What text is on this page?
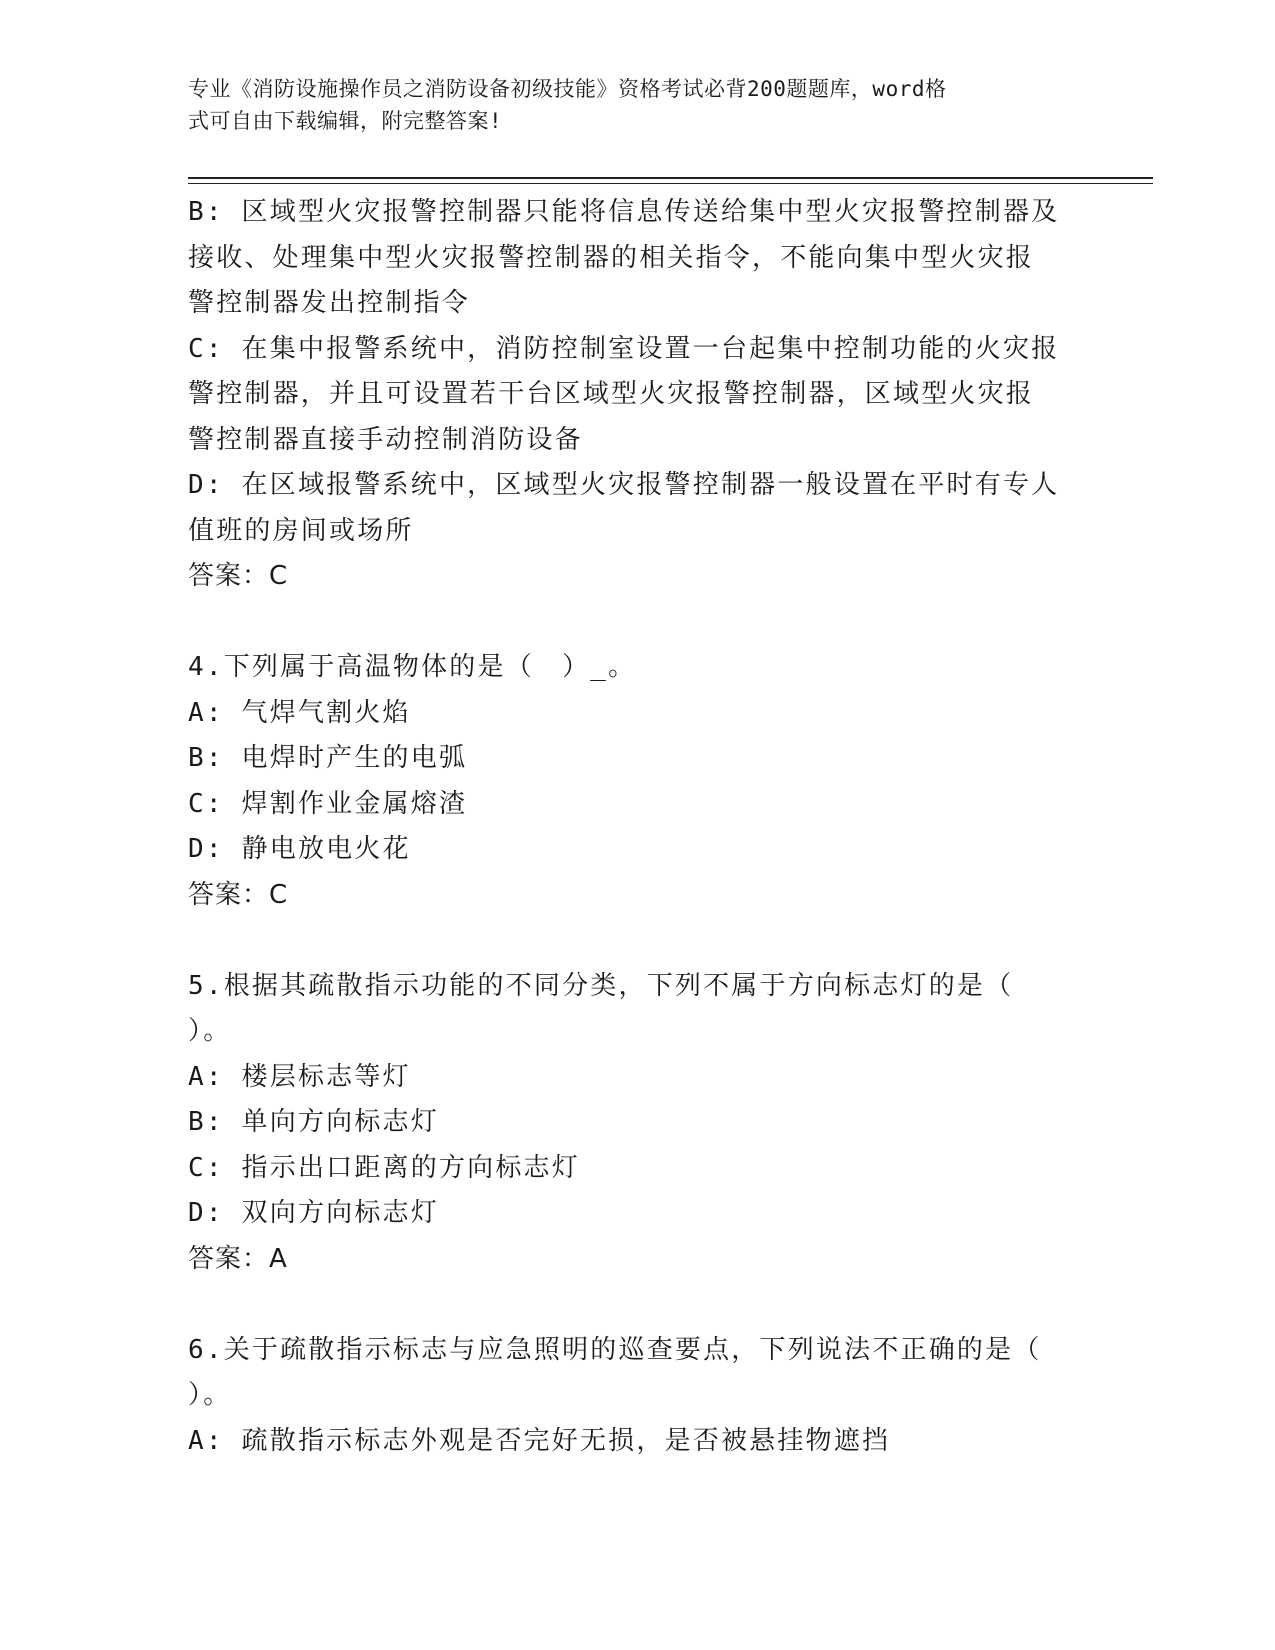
专业《消防设施操作员之消防设备初级技能》资格考试必背200题题库，word格
式可自由下载编辑，附完整答案!
B: 区域型火灾报警控制器只能将信息传送给集中型火灾报警控制器及
接收、处理集中型火灾报警控制器的相关指令，不能向集中型火灾报
警控制器发出控制指令
C: 在集中报警系统中，消防控制室设置一台起集中控制功能的火灾报
警控制器，并且可设置若干台区域型火灾报警控制器，区域型火灾报
警控制器直接手动控制消防设备
D: 在区域报警系统中，区域型火灾报警控制器一般设置在平时有专人
值班的房间或场所
答案：C
4.下列属于高温物体的是（　）_。
A: 气焊气割火焰
B: 电焊时产生的电弧
C: 焊割作业金属熔渣
D: 静电放电火花
答案：C
5.根据其疏散指示功能的不同分类，下列不属于方向标志灯的是（
）。
A: 楼层标志等灯
B: 单向方向标志灯
C: 指示出口距离的方向标志灯
D: 双向方向标志灯
答案：A
6.关于疏散指示标志与应急照明的巡查要点，下列说法不正确的是（
）。
A: 疏散指示标志外观是否完好无损，是否被悬挂物遮挡
